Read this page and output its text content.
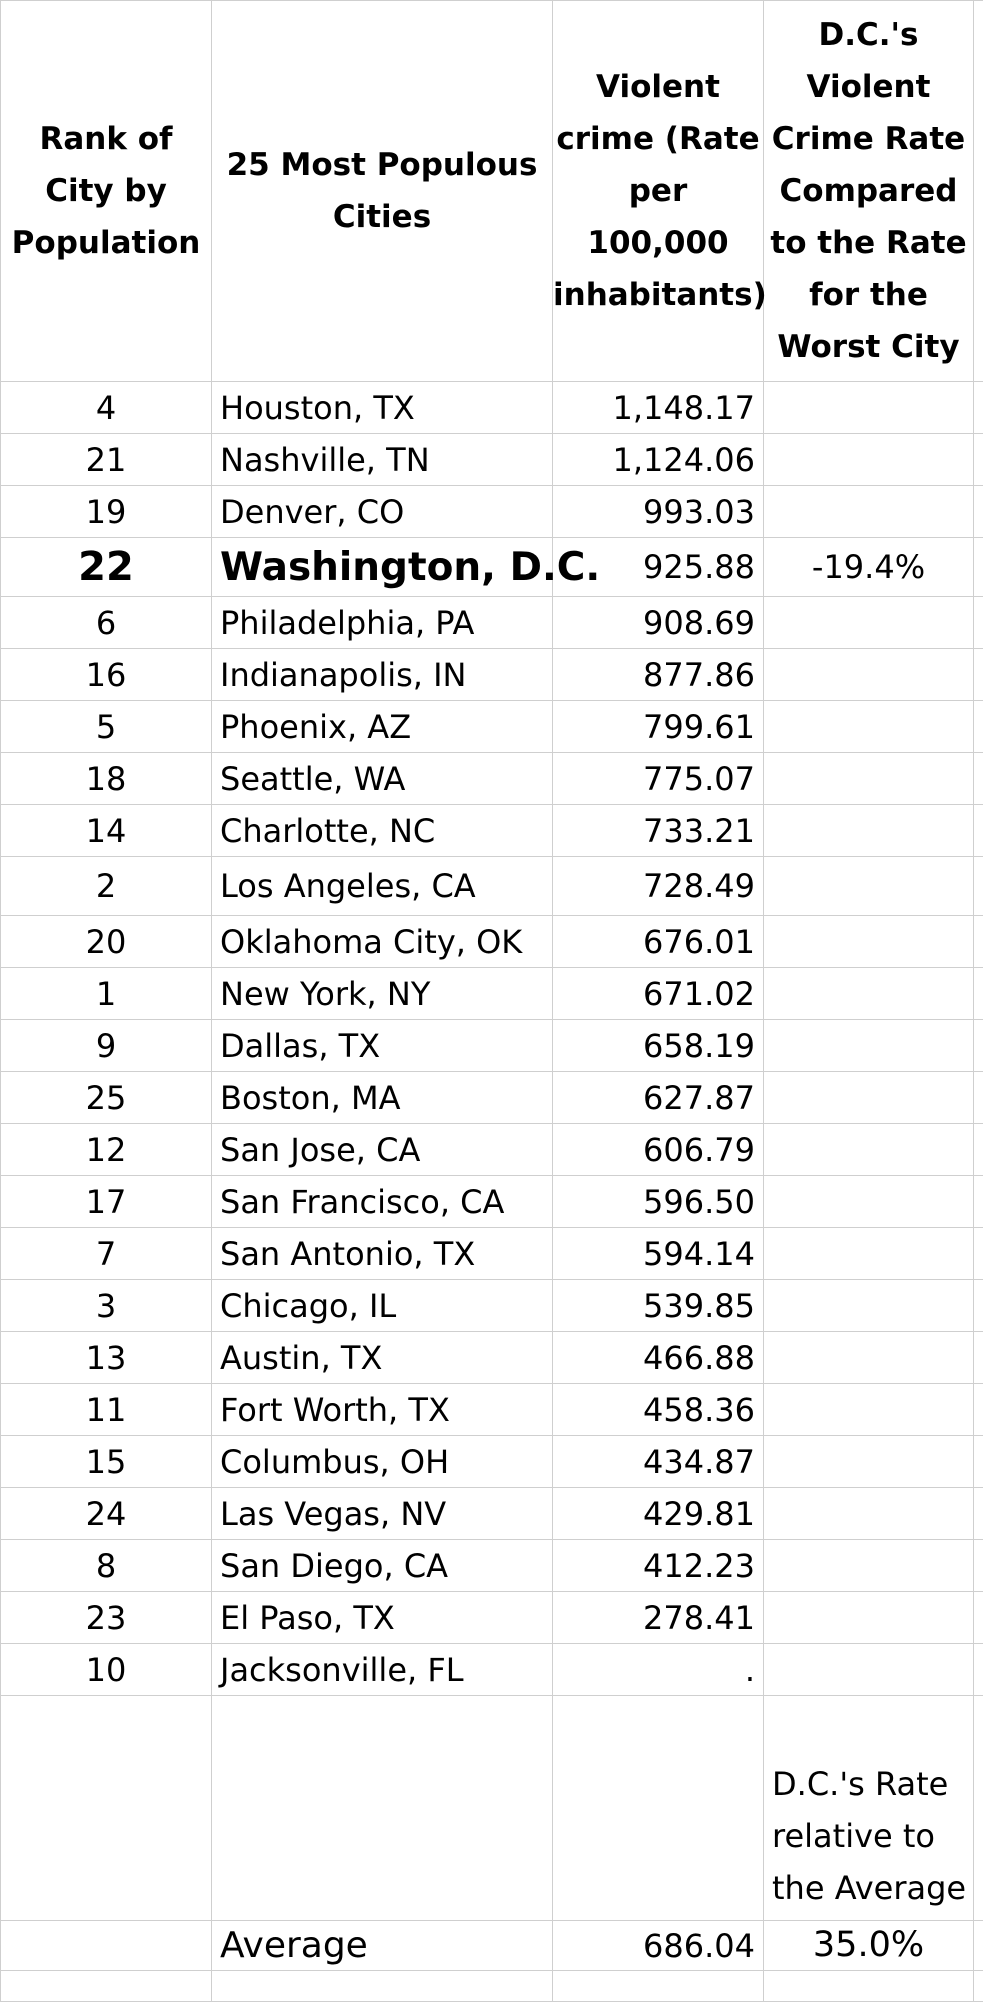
Rank of City by Population	25 Most Populous Cities	Violent crime (Rate per 100,000 inhabitants)	D.C.'s Violent Crime Rate Compared to the Rate for the Worst City	
4	Houston, TX	1,148.17		
21	Nashville, TN	1,124.06		
19	Denver, CO	993.03		
22	Washington, D.C.	925.88	-19.4%	
6	Philadelphia, PA	908.69		
16	Indianapolis, IN	877.86		
5	Phoenix, AZ	799.61		
18	Seattle, WA	775.07		
14	Charlotte, NC	733.21		
2	Los Angeles, CA	728.49		
20	Oklahoma City, OK	676.01		
1	New York, NY	671.02		
9	Dallas, TX	658.19		
25	Boston, MA	627.87		
12	San Jose, CA	606.79		
17	San Francisco, CA	596.50		
7	San Antonio, TX	594.14		
3	Chicago, IL	539.85		
13	Austin, TX	466.88		
11	Fort Worth, TX	458.36		
15	Columbus, OH	434.87		
24	Las Vegas, NV	429.81		
8	San Diego, CA	412.23		
23	El Paso, TX	278.41		
10	Jacksonville, FL	.		
			D.C.'s Rate relative to the Average	
	Average	686.04	35.0%	
